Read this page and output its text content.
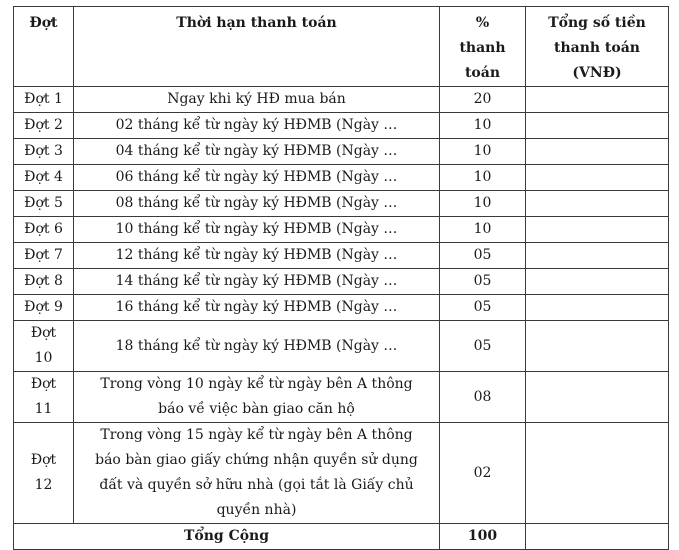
Đợt	Thời hạn thanh toán	% thanh toán	Tổng số tiền thanh toán (VNĐ)
Đợt 1	Ngay khi ký HĐ mua bán	20	
Đợt 2	02 tháng kể từ ngày ký HĐMB (Ngày …	10	
Đợt 3	04 tháng kể từ ngày ký HĐMB (Ngày …	10	
Đợt 4	06 tháng kể từ ngày ký HĐMB (Ngày …	10	
Đợt 5	08 tháng kể từ ngày ký HĐMB (Ngày …	10	
Đợt 6	10 tháng kể từ ngày ký HĐMB (Ngày …	10	
Đợt 7	12 tháng kể từ ngày ký HĐMB (Ngày …	05	
Đợt 8	14 tháng kể từ ngày ký HĐMB (Ngày …	05	
Đợt 9	16 tháng kể từ ngày ký HĐMB (Ngày …	05	
Đợt 10	18 tháng kể từ ngày ký HĐMB (Ngày …	05	
Đợt 11	Trong vòng 10 ngày kể từ ngày bên A thông báo về việc bàn giao căn hộ	08	
Đợt 12	Trong vòng 15 ngày kể từ ngày bên A thông báo bàn giao giấy chứng nhận quyền sử dụng đất và quyền sở hữu nhà (gọi tắt là Giấy chủ quyền nhà)	02	
Tổng Cộng		100	
